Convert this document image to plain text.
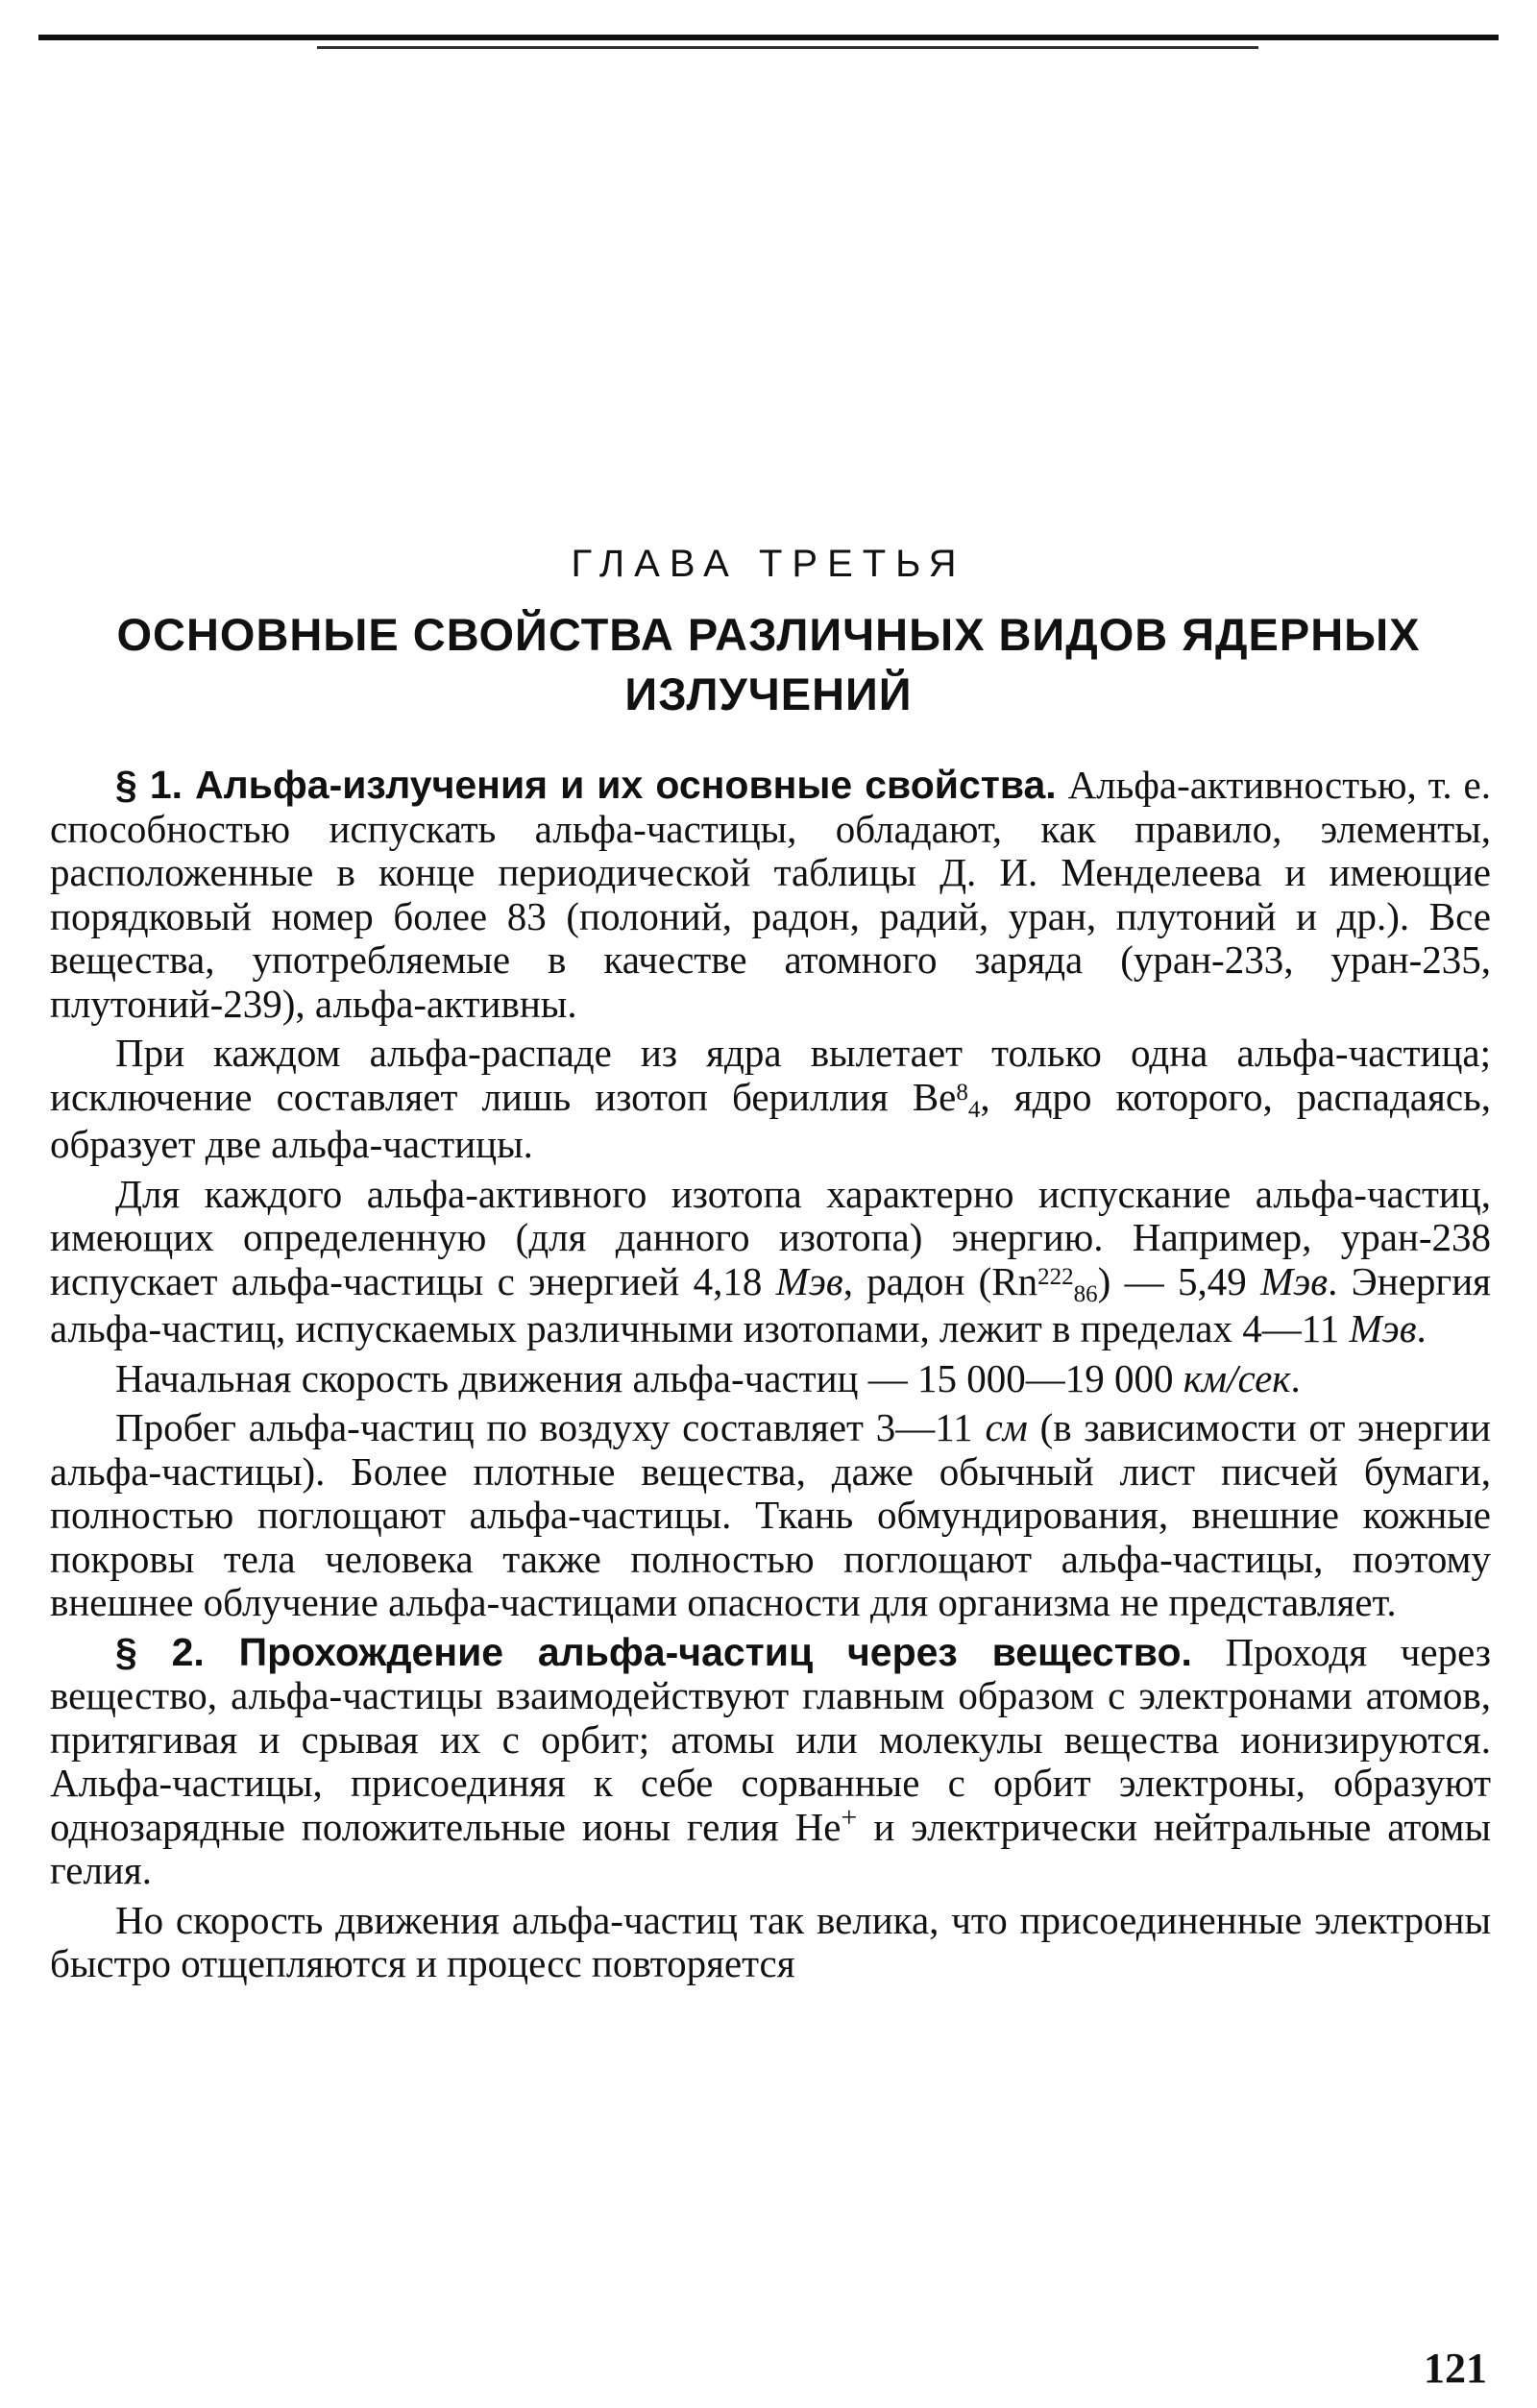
ГЛАВА ТРЕТЬЯ
ОСНОВНЫЕ СВОЙСТВА РАЗЛИЧНЫХ ВИДОВ ЯДЕРНЫХ
ИЗЛУЧЕНИЙ

§ 1. Альфа-излучения и их основные свойства. Альфа-активностью, т. е. способностью испускать альфа-частицы, обладают, как правило, элементы, расположенные в конце периодической таблицы Д. И. Менделеева и имеющие порядковый номер более 83 (полоний, радон, радий, уран, плутоний и др.). Все вещества, употребляемые в качестве атомного заряда (уран-233, уран-235, плутоний-239), альфа-активны.

При каждом альфа-распаде из ядра вылетает только одна альфа-частица; исключение составляет лишь изотоп бериллия $Be^8_4$, ядро которого, распадаясь, образует две альфа-частицы.

Для каждого альфа-активного изотопа характерно испускание альфа-частиц, имеющих определенную (для данного изотопа) энергию. Например, уран-238 испускает альфа-частицы с энергией 4,18 Мэв, радон $(Rn^{222}_{86})$ — 5,49 Мэв. Энергия альфа-частиц, испускаемых различными изотопами, лежит в пределах 4—11 Мэв.

Начальная скорость движения альфа-частиц — 15 000—19 000 км/сек.

Пробег альфа-частиц по воздуху составляет 3—11 см (в зависимости от энергии альфа-частицы). Более плотные вещества, даже обычный лист писчей бумаги, полностью поглощают альфа-частицы. Ткань обмундирования, внешние кожные покровы тела человека также полностью поглощают альфа-частицы, поэтому внешнее облучение альфа-частицами опасности для организма не представляет.

§ 2. Прохождение альфа-частиц через вещество. Проходя через вещество, альфа-частицы взаимодействуют главным образом с электронами атомов, притягивая и срывая их с орбит; атомы или молекулы вещества ионизируются. Альфа-частицы, присоединяя к себе сорванные с орбит электроны, образуют однозарядные положительные ионы гелия He+ и электрически нейтральные атомы гелия.

Но скорость движения альфа-частиц так велика, что присоединенные электроны быстро отщепляются и процесс повторяется

121
